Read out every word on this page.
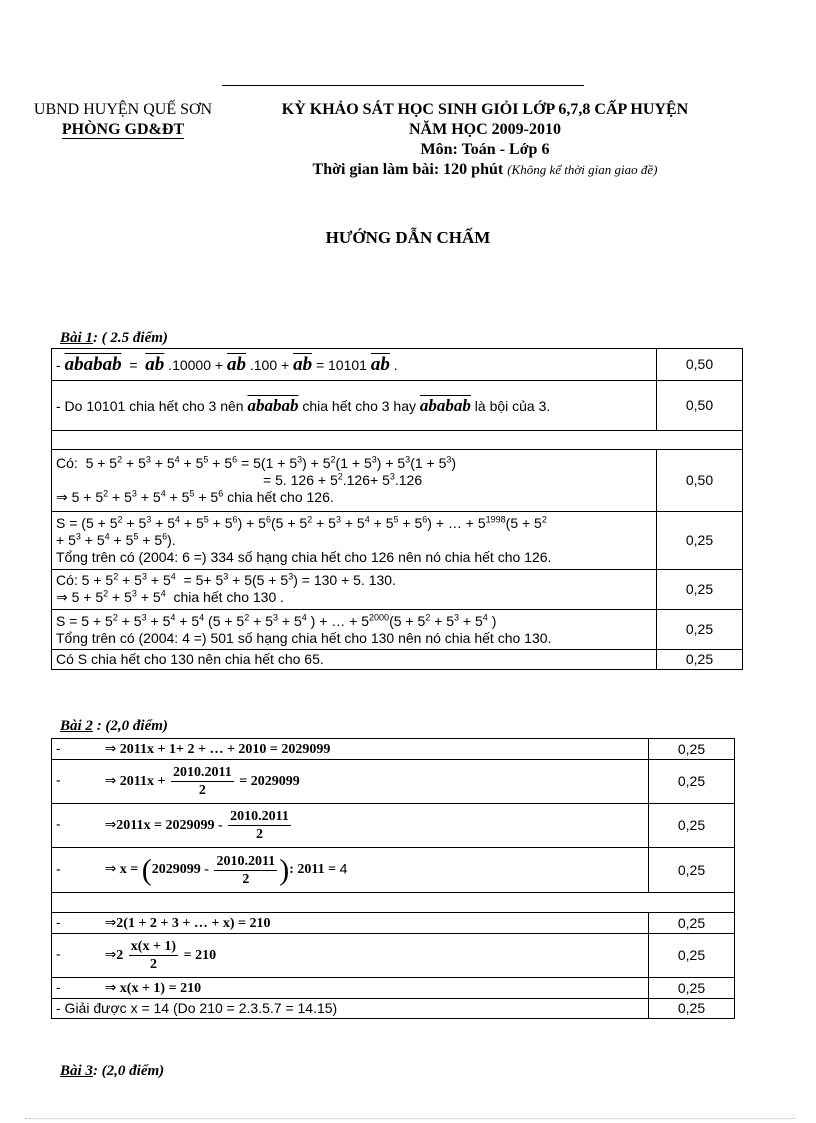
UBND HUYỆN QUẾ SƠN
PHÒNG GD&ĐT
KỲ KHẢO SÁT HỌC SINH GIỎI LỚP 6,7,8 CẤP HUYỆN
NĂM HỌC 2009-2010
Môn: Toán - Lớp 6
Thời gian làm bài: 120 phút (Không kể thời gian giao đề)
HƯỚNG DẪN CHẤM
Bài 1: ( 2.5 điểm)
- ababab  =  $\overline{ab}$ $.10000 + \overline{ab}$ $.100 + \overline{ab} = 10101$ $\overline{ab}$ .	0,50
- Do 10101 chia hết cho 3 nên ababab chia hết cho 3 hay ababab là bội của 3.	0,50

Có:  $5 + 5^2 + 5^3 + 5^4 + 5^5 + 5^6 = 5(1 + 5^3) + 5^2(1 + 5^3) + 5^3(1 + 5^3)$
= 5. $126 + 5^2.126+ 5^3.126$
⇒ $5 + 5^2 + 5^3 + 5^4 + 5^5 + 5^6$ chia hết cho 126.	0,50
$S = (5 + 5^2 + 5^3 + 5^4 + 5^5 + 5^6) + 5^6(5 + 5^2 + 5^3 + 5^4 + 5^5 + 5^6)$ + … + $5^{1998}(5 + 5^2$
+ $5^3 + 5^4 + 5^5 + 5^6$).
Tổng trên có (2004: 6 =) 334 số hạng chia hết cho 126 nên nó chia hết cho 126.	0,25
Có: $5 + 5^2 + 5^3 + 5^4 = 5+ 5^3 + 5(5 + 5^3) = 130 + 5$. 130.
⇒ $5 + 5^2 + 5^3 + 5^4$  chia hết cho 130 .	0,25
$S = 5 + 5^2 + 5^3 + 5^4 + 5^4$ ($5 + 5^2 + 5^3 + 5^4$ ) + … + $5^{2000}(5 + 5^2 + 5^3 + 5^4$ )
Tổng trên có (2004: 4 =) 501 số hạng chia hết cho 130 nên nó chia hết cho 130.	0,25
Có S chia hết cho 130 nên chia hết cho 65.	0,25
Bài 2 : (2,0 điểm)
- ⇒ 2011x + 1+ 2 + … + 2010 = 2029099	0,25
- ⇒ $2011x + \frac{2010.2011}{2} = 2029099$	0,25
- ⇒2011x = $2029099 - \frac{2010.2011}{2}$	0,25
- ⇒ $x = (2029099 - \frac{2010.2011}{2}$ ): 2011 = 4	0,25

- ⇒2(1 + 2 + 3 + … + x) = 210	0,25
- ⇒2 $\frac{x(x + 1)}{2} = 210$	0,25
- ⇒ x(x + 1) = 210	0,25
- Giải được x = 14 (Do 210 = 2.3.5.7 = 14.15)	0,25
Bài 3: (2,0 điểm)
